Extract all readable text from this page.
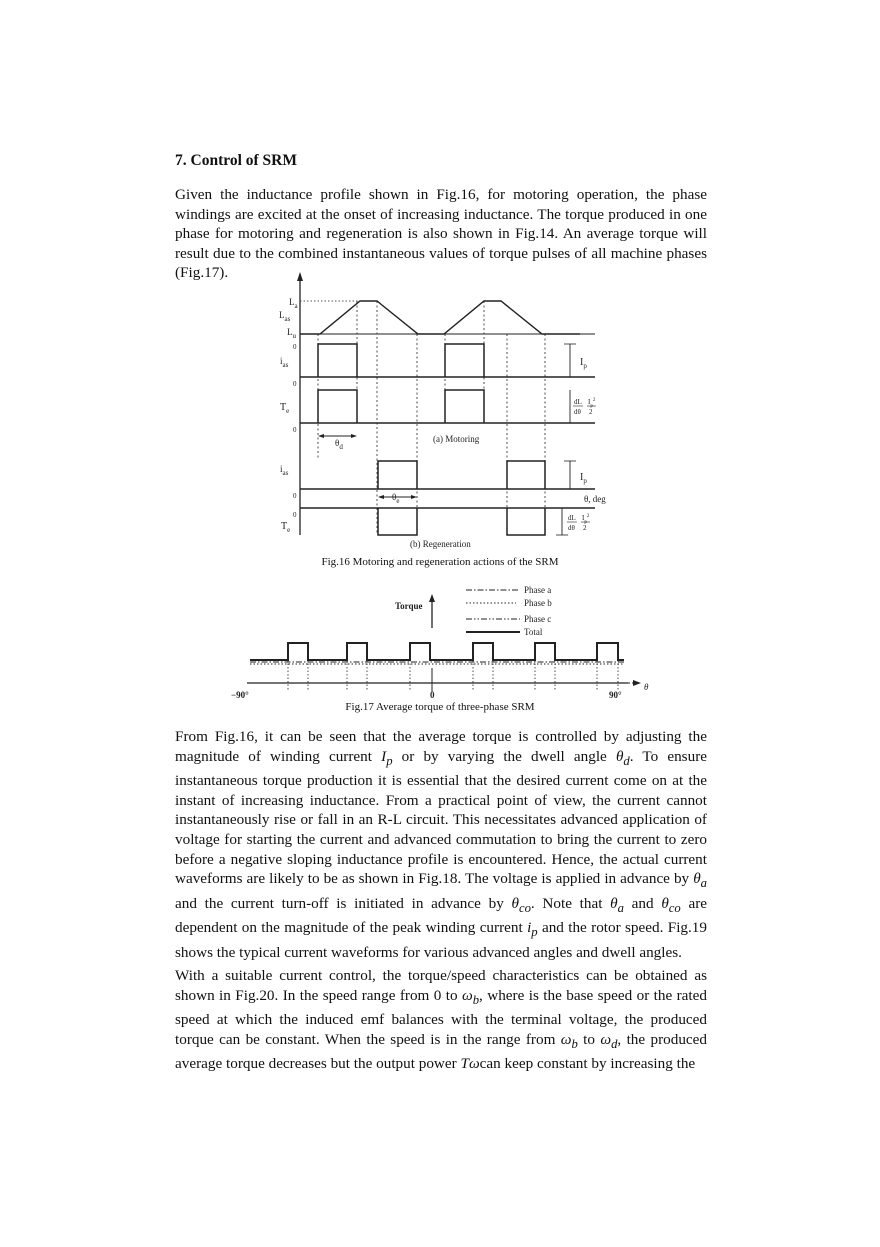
7. Control of SRM
Given the inductance profile shown in Fig.16, for motoring operation, the phase windings are excited at the onset of increasing inductance. The torque produced in one phase for motoring and regeneration is also shown in Fig.14. An average torque will result due to the combined instantaneous values of torque pulses of all machine phases (Fig.17).
$L_a$
$L_{as}$
$L_u$
0
$i_{as}$
0
$T_e$
0
$\theta_d$
(a) Motoring
$i_{as}$
0	$\theta_e$	θ, deg
0
$T_e$
(b) Regeneration
$I_p$
$I_p$
dL
dθ
$I_p^2$
2
dL
dθ
$I_p^2$
2
Fig.16 Motoring and regeneration actions of the SRM
Torque
Phase a
Phase b
Phase c
Total
−90°	0	90°
θ
Fig.17 Average torque of three-phase SRM
From Fig.16, it can be seen that the average torque is controlled by adjusting the magnitude of winding current $I_p$ or by varying the dwell angle $\theta_d$. To ensure instantaneous torque production it is essential that the desired current come on at the instant of increasing inductance. From a practical point of view, the current cannot instantaneously rise or fall in an R-L circuit. This necessitates advanced application of voltage for starting the current and advanced commutation to bring the current to zero before a negative sloping inductance profile is encountered. Hence, the actual current waveforms are likely to be as shown in Fig.18. The voltage is applied in advance by $\theta_a$ and the current turn-off is initiated in advance by $\theta_{co}$. Note that $\theta_a$ and $\theta_{co}$ are dependent on the magnitude of the peak winding current $i_p$ and the rotor speed. Fig.19 shows the typical current waveforms for various advanced angles and dwell angles.
With a suitable current control, the torque/speed characteristics can be obtained as shown in Fig.20. In the speed range from 0 to $\omega_b$, where is the base speed or the rated speed at which the induced emf balances with the terminal voltage, the produced torque can be constant. When the speed is in the range from $\omega_b$ to $\omega_d$, the produced average torque decreases but the output power Tωcan keep constant by increasing the
